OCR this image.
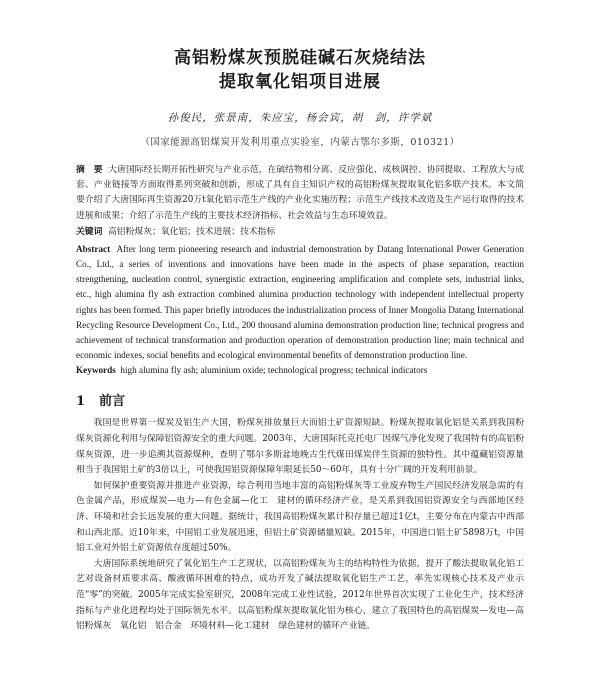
高铝粉煤灰预脱硅碱石灰烧结法
提取氧化铝项目进展
孙俊民，张景南，朱应宝，杨会宾，胡　剑，许学斌
（国家能源高铝煤炭开发利用重点实验室，内蒙古鄂尔多斯，010321）
摘　要 大唐国际经长期开拓性研究与产业示范，在硫结物相分离、反应强化、成核调控、协同提取、工程放大与成套、产业链接等方面取得系列突破和创新，形成了具有自主知识产权的高铝粉煤灰提取氧化铝多联产技术。本文简要介绍了大唐国际再生资源20万t氧化铝示范生产线的产业化实施历程；示范生产线技术改造及生产运行取得的技术进展和成果；介绍了示范生产线的主要技术经济指标、社会效益与生态环境效益。
关键词 高铝粉煤灰；氧化铝；技术进展；技术指标
Abstract After long term pioneering research and industrial demonstration by Datang International Power Generation Co., Ltd., a series of inventions and innovations have been made in the aspects of phase separation, reaction strengthening, nucleation control, synergistic extraction, engineering amplification and complete sets, industrial links, etc., high alumina fly ash extraction combined alumina production technology with independent intellectual property rights has been formed. This paper briefly introduces the industrialization process of Inner Mongolia Datang International Recycling Resource Development Co., Ltd., 200 thousand alumina demonstration production line; technical progress and achievement of technical transformation and production operation of demonstration production line; main technical and economic indexes, social benefits and ecological environmental benefits of demonstration production line.
Keywords high alumina fly ash; aluminium oxide; technological progress; technical indicators
1 前言

我国是世界第一煤炭及铝生产大国，粉煤灰排放量巨大而铝土矿资源短缺。粉煤灰提取氧化铝是关系到我国粉煤灰资源化利用与保障铝资源安全的重大问题。2003年，大唐国际托克托电厂因煤气净化发现了我国特有的高铝粉煤灰资源，进一步追溯其资源煤种，查明了鄂尔多斯盆地晚古生代煤田煤炭伴生资源的独特性。其中蕴藏铝资源量相当于我国铝土矿的3倍以上，可使我国铝资源保障年限延长50～60年，具有十分广阔的开发利用前景。

如何保护重要资源并推进产业资源，综合利用当地丰富的高铝粉煤灰等工业废弃物生产国民经济发展急需的有色金属产品，形成煤炭—电力—有色金属—化工　建材的循环经济产业，是关系到我国铝资源安全与西部地区经济、环境和社会长远发展的重大问题。据统计，我国高铝粉煤灰累计积存量已超过1亿t，主要分布在内蒙古中西部和山西北部。近10年来，中国铝工业发展迅速，但铝土矿资源储量短缺。2015年，中国进口铝土矿5898万t，中国铝工业对外铝土矿资源依存度超过50%。

大唐国际系统地研究了氧化铝生产工艺现状，以高铝粉煤灰为主的结构特性为依据，提开了酸法提取氧化铝工艺对设备材质要求高、酸液循环困难的特点，成功开发了碱法提取氧化铝生产工艺，率先实现核心技术及产业示范“零”的突破。2005年完成实验室研究，2008年完成工业性试验，2012年世界首次实现了工业化生产，技术经济指标与产业化进程均处于国际领先水平。以高铝粉煤灰提取氧化铝为核心，建立了我国特色的高铝煤炭—发电—高铝粉煤灰　氧化铝　铝合金　环境材料—化工建材　绿色建材的循环产业链。
